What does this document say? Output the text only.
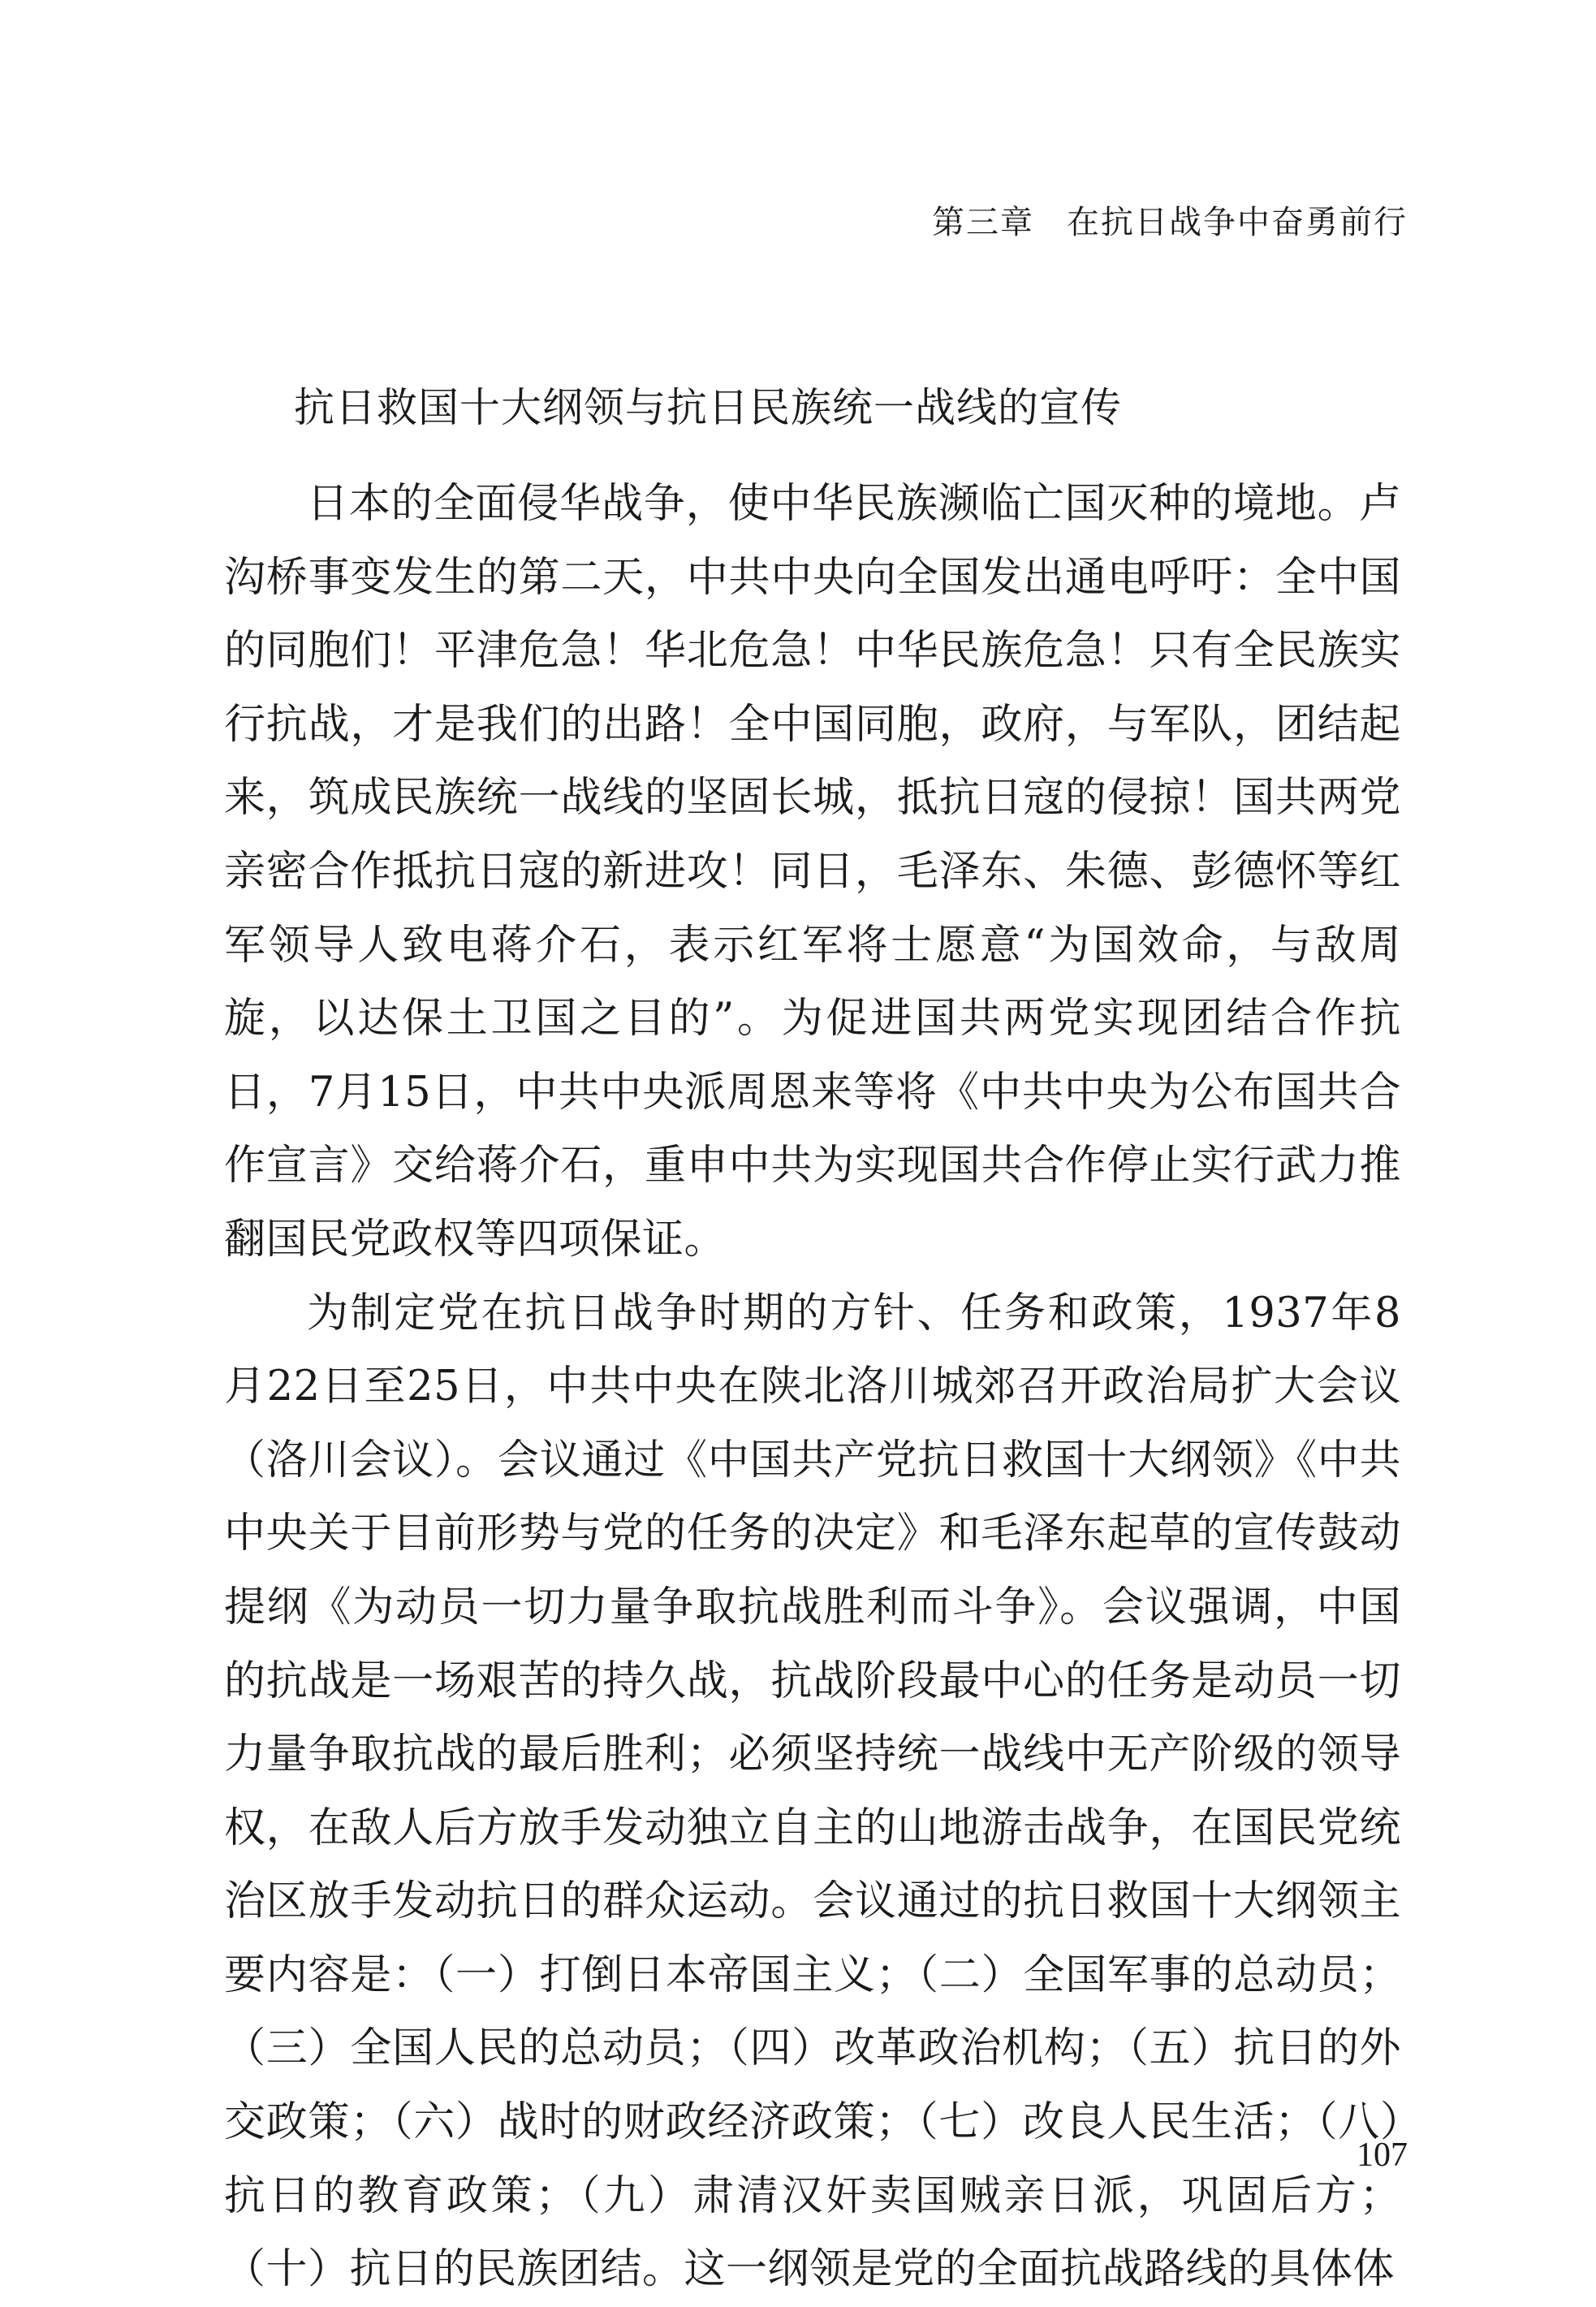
第三章 在抗日战争中奋勇前行
抗日救国十大纲领与抗日民族统一战线的宣传

日本的全面侵华战争，使中华民族濒临亡国灭种的境地。卢沟桥事变发生的第二天，中共中央向全国发出通电呼吁：全中国的同胞们！平津危急！华北危急！中华民族危急！只有全民族实行抗战，才是我们的出路！全中国同胞，政府，与军队，团结起来，筑成民族统一战线的坚固长城，抵抗日寇的侵掠！国共两党亲密合作抵抗日寇的新进攻！同日，毛泽东、朱德、彭德怀等红军领导人致电蒋介石，表示红军将士愿意“为国效命，与敌周旋，以达保土卫国之目的”。为促进国共两党实现团结合作抗日，7月15日，中共中央派周恩来等将《中共中央为公布国共合作宣言》交给蒋介石，重申中共为实现国共合作停止实行武力推翻国民党政权等四项保证。

为制定党在抗日战争时期的方针、任务和政策，1937年8月22日至25日，中共中央在陕北洛川城郊召开政治局扩大会议（洛川会议）。会议通过《中国共产党抗日救国十大纲领》《中共中央关于目前形势与党的任务的决定》和毛泽东起草的宣传鼓动提纲《为动员一切力量争取抗战胜利而斗争》。会议强调，中国的抗战是一场艰苦的持久战，抗战阶段最中心的任务是动员一切力量争取抗战的最后胜利；必须坚持统一战线中无产阶级的领导权，在敌人后方放手发动独立自主的山地游击战争，在国民党统治区放手发动抗日的群众运动。会议通过的抗日救国十大纲领主要内容是：（一）打倒日本帝国主义；（二）全国军事的总动员；（三）全国人民的总动员；（四）改革政治机构；（五）抗日的外交政策；（六）战时的财政经济政策；（七）改良人民生活；（八）抗日的教育政策；（九）肃清汉奸卖国贼亲日派，巩固后方；（十）抗日的民族团结。这一纲领是党的全面抗战路线的具体体

107
